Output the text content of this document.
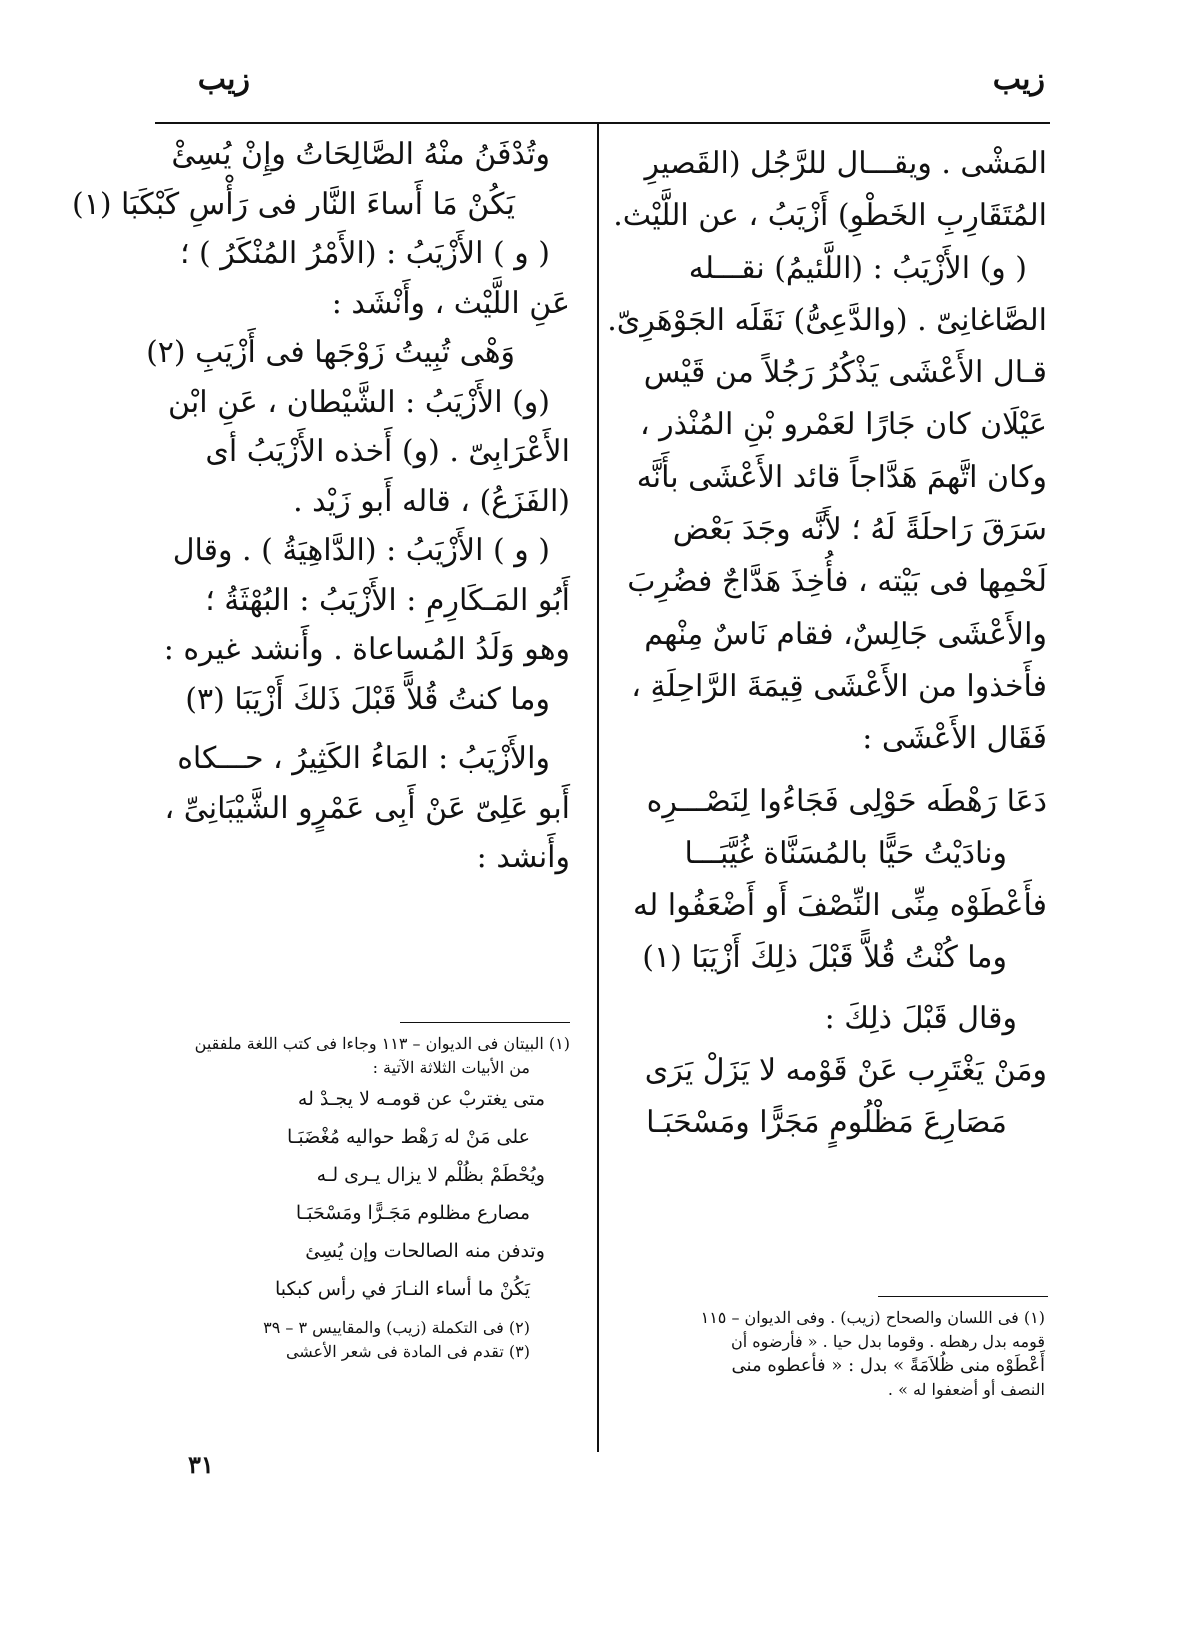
زيب
زيب
المَشْى . ويقـــال للرَّجُل (القَصيرِ
المُتَقَارِبِ الخَطْوِ) أَزْيَبُ ، عن اللَّيْث.
( و) الأَزْيَبُ : (اللَّئيمُ) نقـــله
الصَّاغانِىّ . (والدَّعِىُّ) نَقَلَه الجَوْهَرِىّ.
قـال الأَعْشَى يَذْكُرُ رَجُلاً من قَيْس
عَيْلَان كان جَارًا لعَمْرو بْنِ المُنْذر ،
وكان اتَّهمَ هَدَّاجاً قائد الأَعْشَى بأَنَّه
سَرَقَ رَاحلَةً لَهُ ؛ لأَنَّه وجَدَ بَعْض
لَحْمِها فى بَيْته ، فأُخِذَ هَدَّاجٌ فضُرِبَ
والأَعْشَى جَالِسٌ، فقام نَاسٌ مِنْهم
فأَخذوا من الأَعْشَى قِيمَةَ الرَّاحِلَةِ ،
فَقَال الأَعْشَى :
دَعَا رَهْطَه حَوْلِى فَجَاءُوا لِنَصْـــرِه
ونادَيْتُ حَيًّا بالمُسَنَّاة غُيَّبَـــا
فأَعْطَوْه مِنِّى النِّصْفَ أَو أَضْعَفُوا له
وما كُنْتُ قُلاًّ قَبْلَ ذلِكَ أَزْيَبَا (١)
وقال قَبْلَ ذلِكَ :
ومَنْ يَغْتَرِب عَنْ قَوْمه لا يَزَلْ يَرَى
مَصَارِعَ مَظْلُومٍ مَجَرًّا ومَسْحَبَـا
(١) فى اللسان والصحاح (زيب) . وفى الديوان – ١١٥
قومه بدل رهطه . وقوما بدل حيا . « فأرضوه أن
أَعْطَوْه منى ظُلاَمَةً » بدل : « فأعطوه منى
النصف أو أضعفوا له » .
وتُدْفَنُ منْهُ الصَّالِحَاتُ وإِنْ يُسِئْ
يَكُنْ مَا أَساءَ النَّار فى رَأْسِ كَبْكَبَا (١)
( و ) الأَزْيَبُ : (الأَمْرُ المُنْكَرُ ) ؛
عَنِ اللَّيْث ، وأَنْشَد :
وَهْى تُبِيتُ زَوْجَها فى أَزْيَبِ (٢)
(و) الأَزْيَبُ : الشَّيْطان ، عَنِ ابْن
الأَعْرَابِىّ . (و) أَخذه الأَزْيَبُ أى
(الفَزَعُ) ، قاله أَبو زَيْد .
( و ) الأَزْيَبُ : (الدَّاهِيَةُ ) . وقال
أَبُو المَـكَارِمِ : الأَزْيَبُ : البُهْثَةُ ؛
وهو وَلَدُ المُساعاة . وأَنشد غيره :
وما كنتُ قُلاًّ قَبْلَ ذَلكَ أَزْيَبَا (٣)
والأَزْيَبُ : المَاءُ الكَثِيرُ ، حـــكاه
أَبو عَلِىّ عَنْ أَبِى عَمْرٍو الشَّيْبَانِىِّ ،
وأَنشد :
(١) البيتان فى الديوان – ١١٣ وجاءا فى كتب اللغة ملفقين
من الأبيات الثلاثة الآتية :
متى يغتربْ عن قومـه لا يجـدْ له
على مَنْ له رَهْط حواليه مُغْضَبَـا
ويُحْطَمْ بظُلْم لا يزال يـرى لـه
مصارع مظلوم مَجَـرًّا ومَسْحَبَـا
وتدفن منه الصالحات وإن يُسِئ
يَكُنْ ما أساء النـارَ في رأس كبكبا
(٢) فى التكملة (زيب) والمقاييس ٣ – ٣٩
(٣) تقدم فى المادة فى شعر الأعشى
٣١
